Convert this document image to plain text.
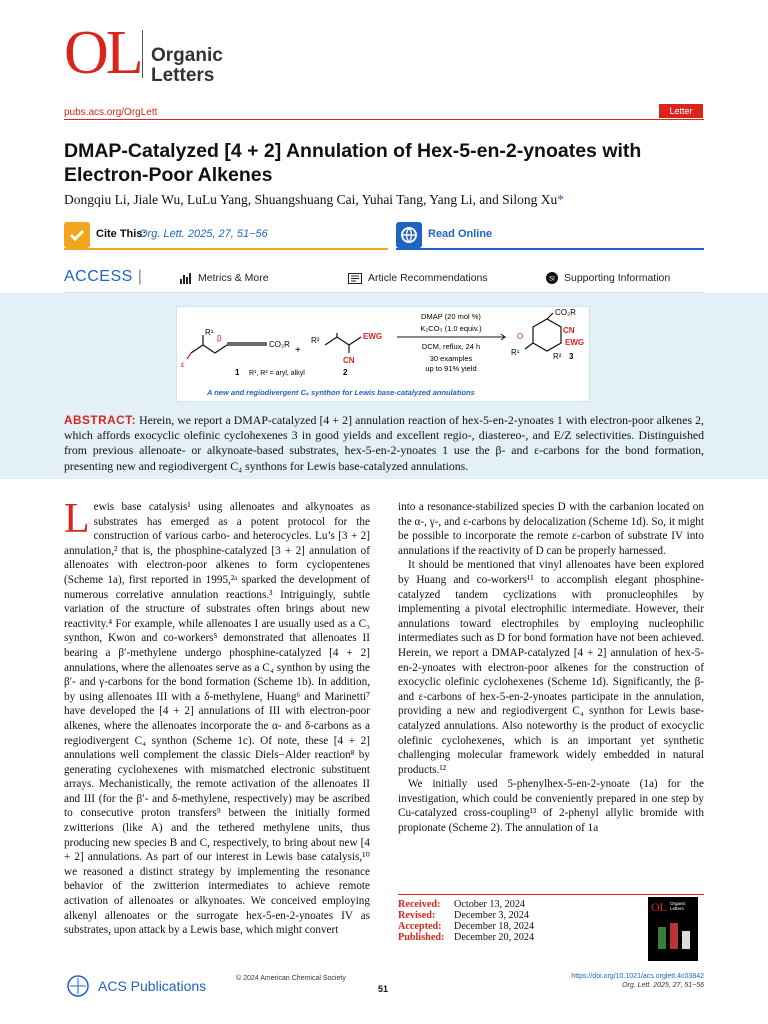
OL Organic
Letters
pubs.acs.org/OrgLett	Letter
DMAP-Catalyzed [4 + 2] Annulation of Hex-5-en-2-ynoates with Electron-Poor Alkenes
Dongqiu Li, Jiale Wu, LuLu Yang, Shuangshuang Cai, Yuhai Tang, Yang Li, and Silong Xu*
Cite This:
Org. Lett. 2025, 27, 51−56	Read Online
ACCESS |	Metrics & More	Article Recommendations	SI Supporting Information
R¹
CO₂R
β
ε
1 R¹, R² = aryl, alkyl
+
R²	EWG
CN
2
DMAP (20 mol %)
K₂CO₃ (1.0 equiv.)
DCM, reflux, 24 h
30 examples
up to 91% yield
CO₂R
CN
EWG
R¹	R²
O
3
A new and regiodivergent C₄ synthon for Lewis base-catalyzed annulations
ABSTRACT: Herein, we report a DMAP-catalyzed [4 + 2] annulation reaction of hex-5-en-2-ynoates 1 with electron-poor alkenes 2, which affords exocyclic olefinic cyclohexenes 3 in good yields and excellent regio-, diastereo-, and E/Z selectivities. Distinguished from previous allenoate- or alkynoate-based substrates, hex-5-en-2-ynoates 1 use the β- and ε-carbons for the bond formation, presenting new and regiodivergent C₄ synthons for Lewis base-catalyzed annulations.

Lewis base catalysis¹ using allenoates and alkynoates as substrates has emerged as a potent protocol for the construction of various carbo- and heterocycles. Lu’s [3 + 2] annulation,² that is, the phosphine-catalyzed [3 + 2] annulation of allenoates with electron-poor alkenes to form cyclopentenes (Scheme 1a), first reported in 1995,²ᵃ sparked the development of numerous correlative annulation reactions.³ Intriguingly, subtle variation of the structure of substrates often brings about new reactivity.⁴ For example, while allenoates I are usually used as a C₃ synthon, Kwon and co-workers⁵ demonstrated that allenoates II bearing a β′-methylene undergo phosphine-catalyzed [4 + 2] annulations, where the allenoates serve as a C₄ synthon by using the β′- and γ-carbons for the bond formation (Scheme 1b). In addition, by using allenoates III with a δ-methylene, Huang⁶ and Marinetti⁷ have developed the [4 + 2] annulations of III with electron-poor alkenes, where the allenoates incorporate the α- and δ-carbons as a regiodivergent C₄ synthon (Scheme 1c). Of note, these [4 + 2] annulations well complement the classic Diels−Alder reaction⁸ by generating cyclohexenes with mismatched electronic substituent arrays. Mechanistically, the remote activation of the allenoates II and III (for the β′- and δ-methylene, respectively) may be ascribed to consecutive proton transfers⁹ between the initially formed zwitterions (like A) and the tethered methylene units, thus producing new species B and C, respectively, to bring about new [4 + 2] annulations. As part of our interest in Lewis base catalysis,¹⁰ we reasoned a distinct strategy by implementing the resonance behavior of the zwitterion intermediates to achieve remote activation of allenoates or alkynoates. We conceived employing alkenyl allenoates or the surrogate hex-5-en-2-ynoates IV as substrates, upon attack by a Lewis base, which might convert

into a resonance-stabilized species D with the carbanion located on the α-, γ-, and ε-carbons by delocalization (Scheme 1d). So, it might be possible to incorporate the remote ε-carbon of substrate IV into annulations if the reactivity of D can be properly harnessed.

It should be mentioned that vinyl allenoates have been explored by Huang and co-workers¹¹ to accomplish elegant phosphine-catalyzed tandem cyclizations with pronucleophiles by implementing a pivotal electrophilic intermediate. However, their annulations toward electrophiles by employing nucleophilic intermediates such as D for bond formation have not been achieved. Herein, we report a DMAP-catalyzed [4 + 2] annulation of hex-5-en-2-ynoates with electron-poor alkenes for the construction of exocyclic olefinic cyclohexenes (Scheme 1d). Significantly, the β- and ε-carbons of hex-5-en-2-ynoates participate in the annulation, providing a new and regiodivergent C₄ synthon for Lewis base-catalyzed annulations. Also noteworthy is the product of exocyclic olefinic cyclohexenes, which is an important yet synthetic challenging molecular framework widely embedded in natural products.¹²

We initially used 5-phenylhex-5-en-2-ynoate (1a) for the investigation, which could be conveniently prepared in one step by Cu-catalyzed cross-coupling¹³ of 2-phenyl allylic bromide with propionate (Scheme 2). The annulation of 1a

Received:	October 13, 2024
Revised:	December 3, 2024
Accepted:	December 18, 2024
Published: December 20, 2024
OL Organic
Letters
ACS Publications	© 2024 American Chemical Society
51
https://doi.org/10.1021/acs.orglett.4c03842
Org. Lett. 2025, 27, 51−56
